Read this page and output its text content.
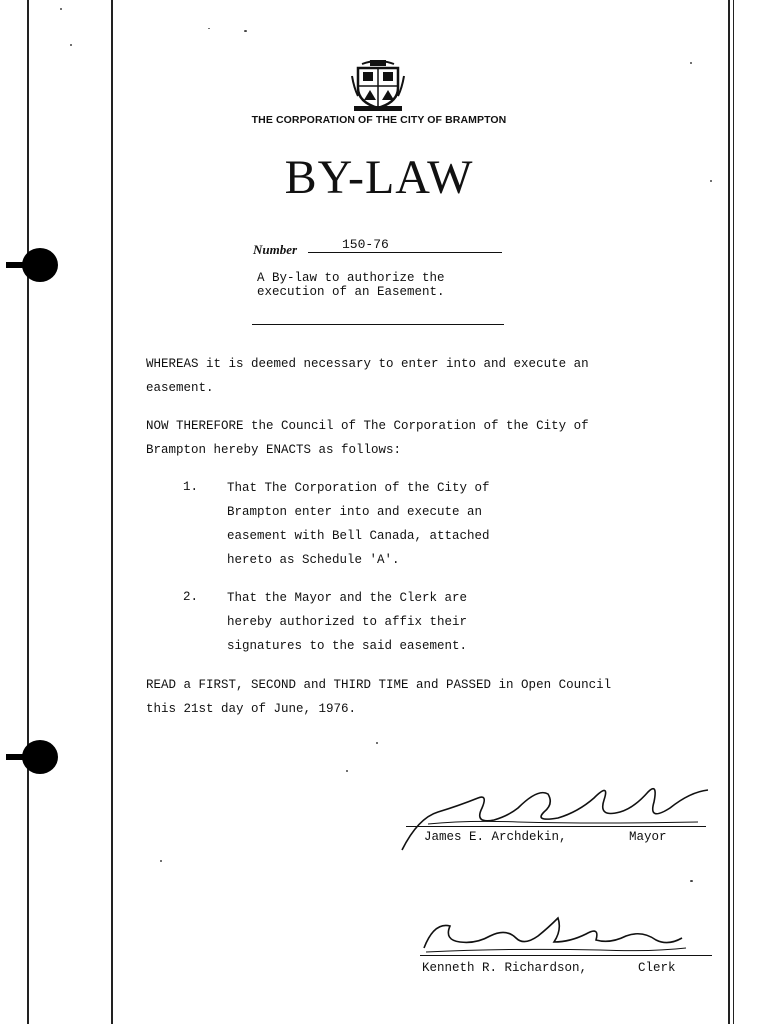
THE CORPORATION OF THE CITY OF BRAMPTON
BY-LAW
Number	150-76
A By-law to authorize the
execution of an Easement.
WHEREAS it is deemed necessary to enter into and execute an
easement.
NOW THEREFORE the Council of The Corporation of the City of
Brampton hereby ENACTS as follows:
1. That The Corporation of the City of
Brampton enter into and execute an
easement with Bell Canada, attached
hereto as Schedule 'A'.
2. That the Mayor and the Clerk are
hereby authorized to affix their
signatures to the said easement.
READ a FIRST, SECOND and THIRD TIME and PASSED in Open Council
this 21st day of June, 1976.
James E. Archdekin,	Mayor
Kenneth R. Richardson,	Clerk
